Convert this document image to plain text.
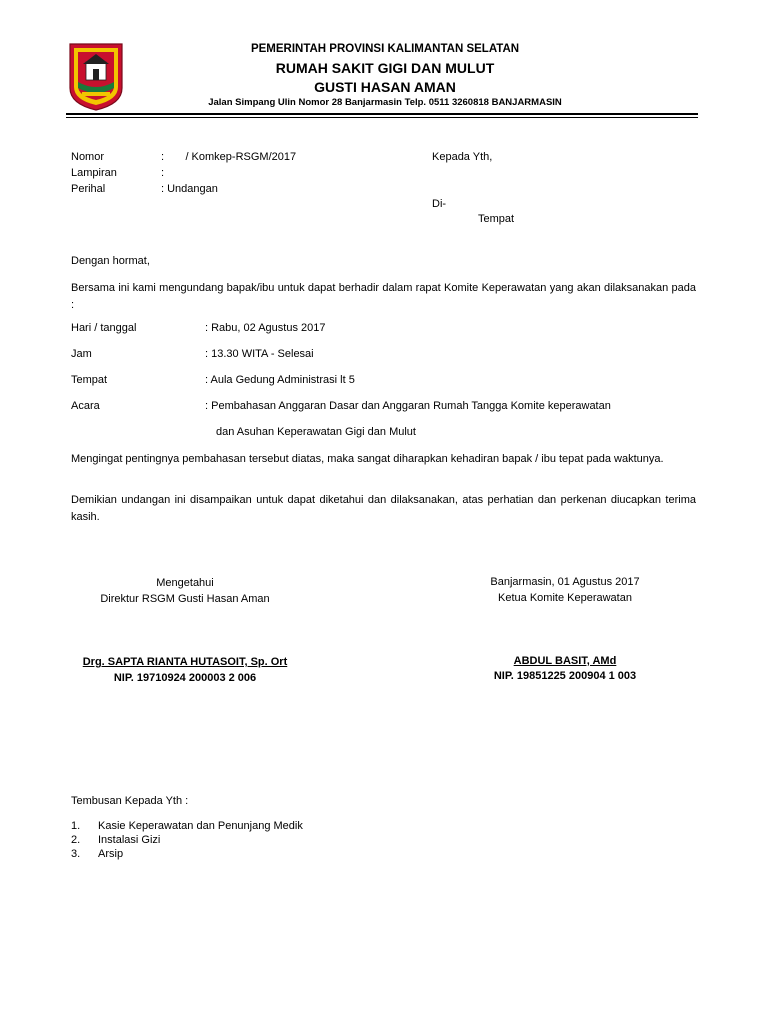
PEMERINTAH PROVINSI KALIMANTAN SELATAN
RUMAH SAKIT GIGI DAN MULUT
GUSTI HASAN AMAN
Jalan Simpang Ulin Nomor 28 Banjarmasin Telp. 0511 3260818 BANJARMASIN
Nomor	:       / Komkep-RSGM/2017
Lampiran	:
Perihal	: Undangan
Kepada Yth,
Di-
Tempat
Dengan hormat,
Bersama ini kami mengundang bapak/ibu untuk dapat berhadir dalam rapat Komite Keperawatan yang akan dilaksanakan pada :
Hari / tanggal	: Rabu, 02 Agustus 2017
Jam	: 13.30 WITA - Selesai
Tempat	: Aula Gedung Administrasi lt 5
Acara	: Pembahasan Anggaran Dasar dan Anggaran Rumah Tangga Komite keperawatan
dan Asuhan Keperawatan Gigi dan Mulut
Mengingat pentingnya pembahasan tersebut diatas, maka sangat diharapkan kehadiran bapak / ibu tepat pada waktunya.
Demikian undangan ini disampaikan untuk dapat diketahui dan dilaksanakan, atas perhatian dan perkenan diucapkan terima kasih.
Mengetahui
Direktur RSGM Gusti Hasan Aman
Drg. SAPTA RIANTA HUTASOIT, Sp. Ort
NIP. 19710924 200003 2 006
Banjarmasin, 01 Agustus 2017
Ketua Komite Keperawatan
ABDUL BASIT, AMd
NIP. 19851225 200904 1 003
Tembusan Kepada Yth :
1. Kasie Keperawatan dan Penunjang Medik
2. Instalasi Gizi
3. Arsip
